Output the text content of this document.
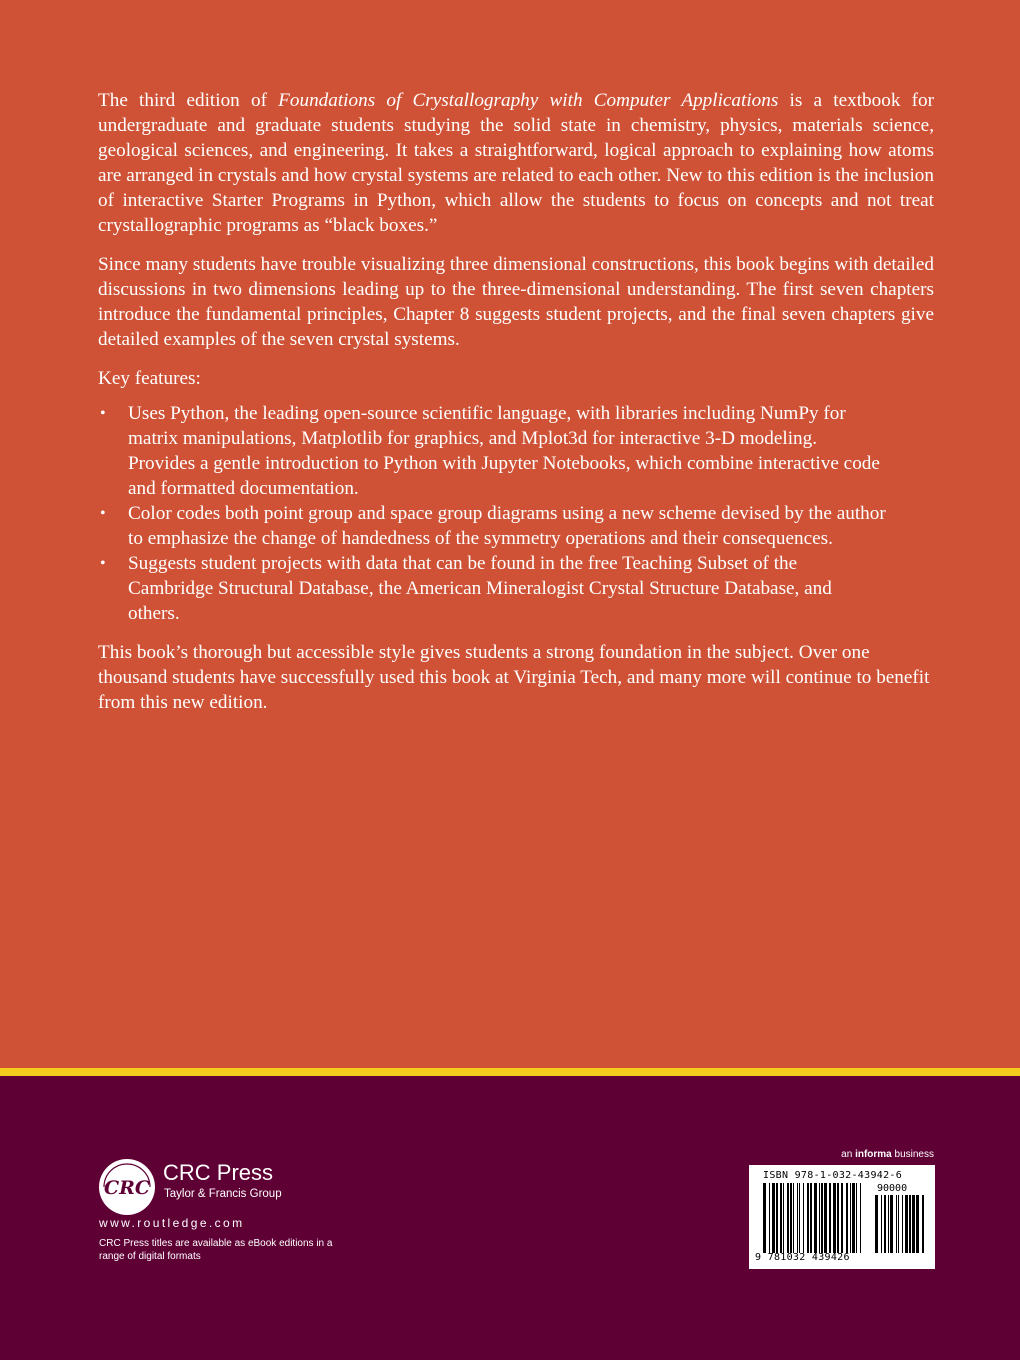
The third edition of Foundations of Crystallography with Computer Applications is a textbook for undergraduate and graduate students studying the solid state in chemistry, physics, materials science, geological sciences, and engineering. It takes a straightforward, logical approach to explaining how atoms are arranged in crystals and how crystal systems are related to each other. New to this edition is the inclusion of interactive Starter Programs in Python, which allow the students to focus on concepts and not treat crystallographic programs as “black boxes.”

Since many students have trouble visualizing three dimensional constructions, this book begins with detailed discussions in two dimensions leading up to the three-dimensional understanding. The first seven chapters introduce the fundamental principles, Chapter 8 suggests student projects, and the final seven chapters give detailed examples of the seven crystal systems.

Key features:

• Uses Python, the leading open-source scientific language, with libraries including NumPy for matrix manipulations, Matplotlib for graphics, and Mplot3d for interactive 3-D modeling. Provides a gentle introduction to Python with Jupyter Notebooks, which combine interactive code and formatted documentation.
• Color codes both point group and space group diagrams using a new scheme devised by the author to emphasize the change of handedness of the symmetry operations and their consequences.
• Suggests student projects with data that can be found in the free Teaching Subset of the Cambridge Structural Database, the American Mineralogist Crystal Structure Database, and others.

This book’s thorough but accessible style gives students a strong foundation in the subject. Over one thousand students have successfully used this book at Virginia Tech, and many more will continue to benefit from this new edition.

CRC
CRC Press
Taylor & Francis Group
www.routledge.com
CRC Press titles are available as eBook editions in a range of digital formats
an informa business
ISBN 978-1-032-43942-6
90000
9 781032 439426
